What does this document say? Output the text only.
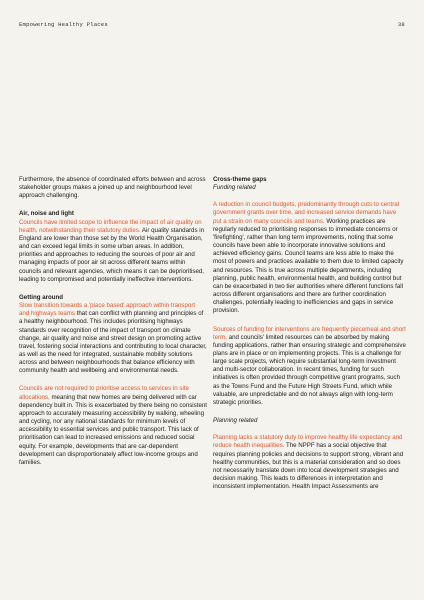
Empowering Healthy Places	38

Furthermore, the absence of coordinated efforts between and across stakeholder groups makes a joined up and neighbourhood level approach challenging.

Air, noise and light

Councils have limited scope to influence the impact of air quality on health, notwithstanding their statutory duties. Air quality standards in England are lower than those set by the World Health Organisation, and can exceed legal limits in some urban areas. In addition, priorities and approaches to reducing the sources of poor air and managing impacts of poor air sit across different teams within councils and relevant agencies, which means it can be deprioritised, leading to compromised and potentially ineffective interventions.

Getting around

Slow transition towards a 'place based' approach within transport and highways teams that can conflict with planning and principles of a healthy neighbourhood. This includes prioritising highways standards over recognition of the impact of transport on climate change, air quality and noise and street design on promoting active travel, fostering social interactions and contributing to local character, as well as the need for integrated, sustainable mobility solutions across and between neighbourhoods that balance efficiency with community health and wellbeing and environmental needs.

Councils are not required to prioritise access to services in site allocations, meaning that new homes are being delivered with car dependency built in. This is exacerbated by there being no consistent approach to accurately measuring accessibility by walking, wheeling and cycling, nor any national standards for minimum levels of accessibility to essential services and public transport. This lack of prioritisation can lead to increased emissions and reduced social equity. For example, developments that are car-dependent development can disproportionately affect low-income groups and families.

Cross-theme gaps

Funding related

A reduction in council budgets, predominantly through cuts to central government grants over time, and increased service demands have put a strain on many councils and teams. Working practices are regularly reduced to prioritising responses to immediate concerns or 'firefighting', rather than long term improvements, noting that some councils have been able to incorporate innovative solutions and achieved efficiency gains. Council teams are less able to make the most of powers and practices available to them due to limited capacity and resources. This is true across multiple departments, including planning, public health, environmental health, and building control but can be exacerbated in two tier authorities where different functions fall across different organisations and there are further coordination challenges, potentially leading to inefficiencies and gaps in service provision.

Sources of funding for interventions are frequently piecemeal and short term, and councils' limited resources can be absorbed by making funding applications, rather than ensuring strategic and comprehensive plans are in place or on implementing projects. This is a challenge for large scale projects, which require substantial long-term investment and multi-sector collaboration. In recent times, funding for such initiatives is often provided through competitive grant programs, such as the Towns Fund and the Future High Streets Fund, which while valuable, are unpredictable and do not always align with long-term strategic priorities.

Planning related

Planning lacks a statutory duty to improve healthy life expectancy and reduce health inequalities. The NPPF has a social objective that requires planning policies and decisions to support strong, vibrant and healthy communities, but this is a material consideration and so does not necessarily translate down into local development strategies and decision making. This leads to differences in interpretation and inconsistent implementation. Health Impact Assessments are
